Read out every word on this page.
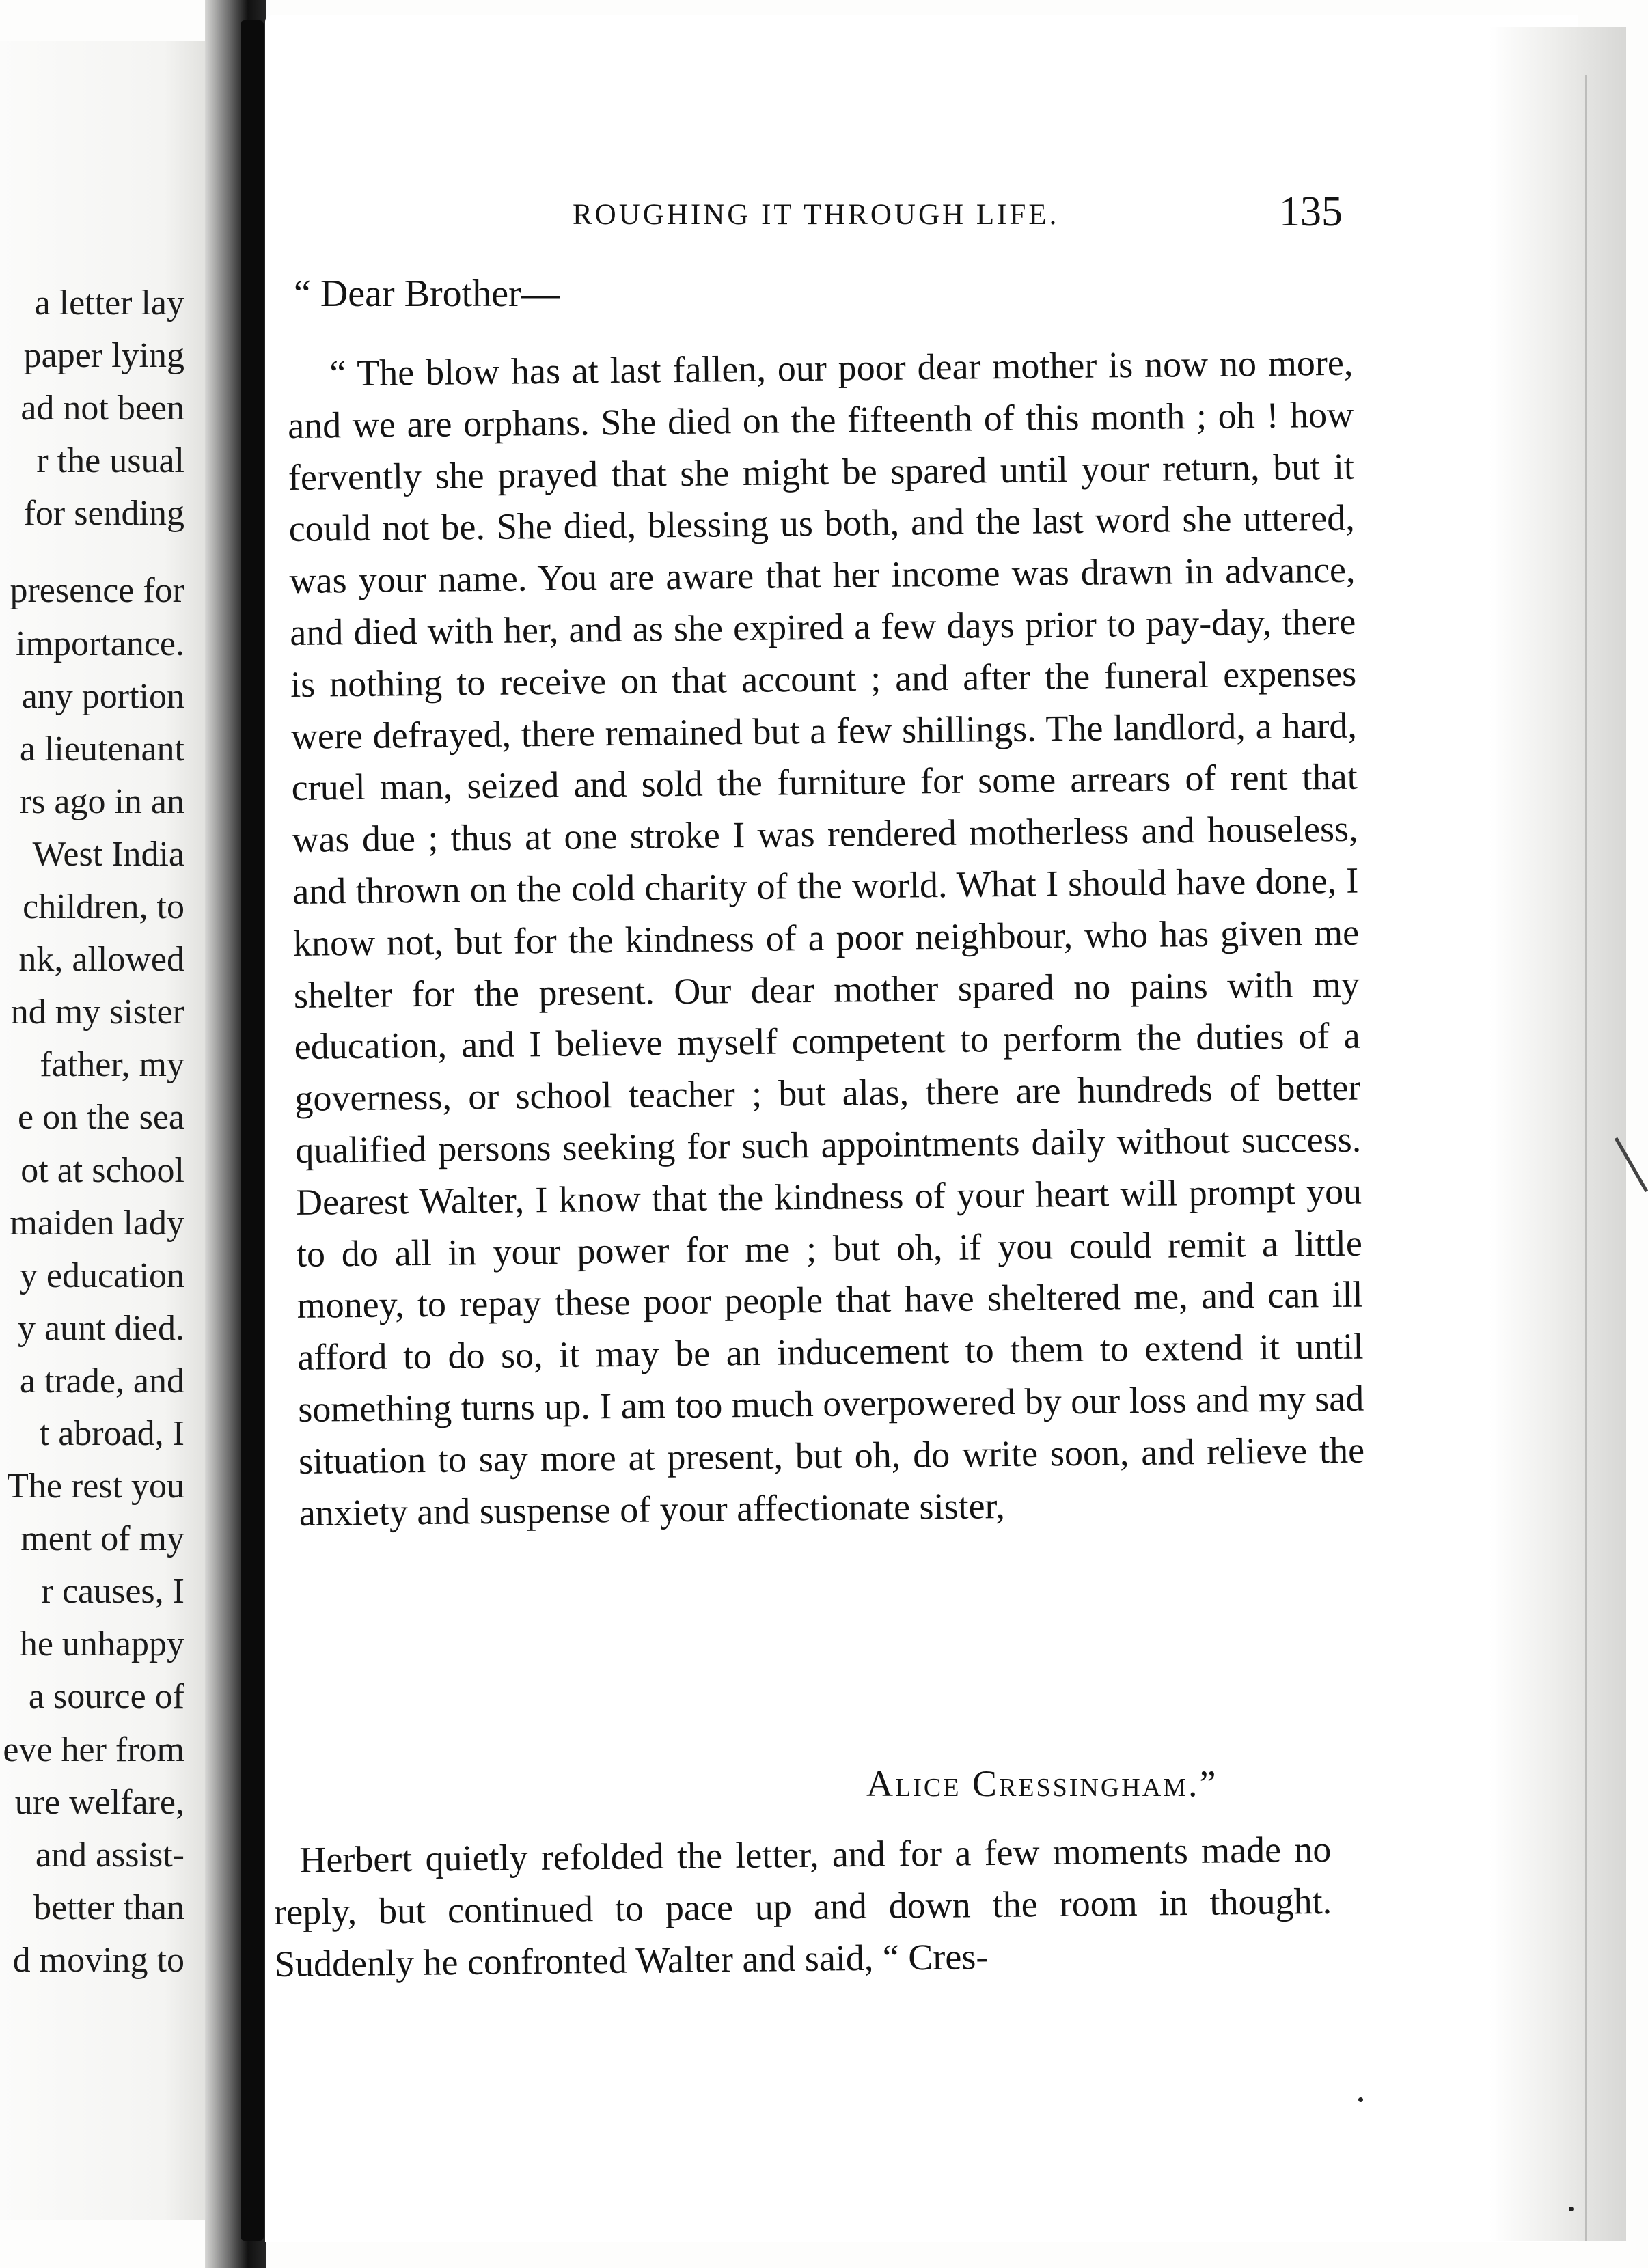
a letter lay
paper lying
ad not been
r the usual
for sending
presence for
importance.
any portion
a lieutenant
rs ago in an
West India
children, to
nk, allowed
nd my sister
father, my
e on the sea
ot at school
maiden lady
y education
y aunt died.
a trade, and
t abroad, I
The rest you
ment of my
r causes, I
he unhappy
a source of
eve her from
ure welfare,
and assist-
better than
d moving to
ROUGHING IT THROUGH LIFE.	135
“ Dear Brother—
“ The blow has at last fallen, our poor dear mother is now no more, and we are orphans. She died on the fifteenth of this month ; oh ! how fervently she prayed that she might be spared until your return, but it could not be. She died, blessing us both, and the last word she uttered, was your name. You are aware that her income was drawn in advance, and died with her, and as she expired a few days prior to pay-day, there is nothing to receive on that account ; and after the funeral expenses were defrayed, there remained but a few shillings. The landlord, a hard, cruel man, seized and sold the furniture for some arrears of rent that was due ; thus at one stroke I was rendered motherless and houseless, and thrown on the cold charity of the world. What I should have done, I know not, but for the kindness of a poor neighbour, who has given me shelter for the present. Our dear mother spared no pains with my education, and I believe myself competent to perform the duties of a governess, or school teacher ; but alas, there are hundreds of better qualified persons seeking for such appointments daily without success. Dearest Walter, I know that the kindness of your heart will prompt you to do all in your power for me ; but oh, if you could remit a little money, to repay these poor people that have sheltered me, and can ill afford to do so, it may be an inducement to them to extend it until something turns up. I am too much overpowered by our loss and my sad situation to say more at present, but oh, do write soon, and relieve the anxiety and suspense of your affectionate sister,
Alice Cressingham.”
Herbert quietly refolded the letter, and for a few moments made no reply, but continued to pace up and down the room in thought. Suddenly he confronted Walter and said, “ Cres-
